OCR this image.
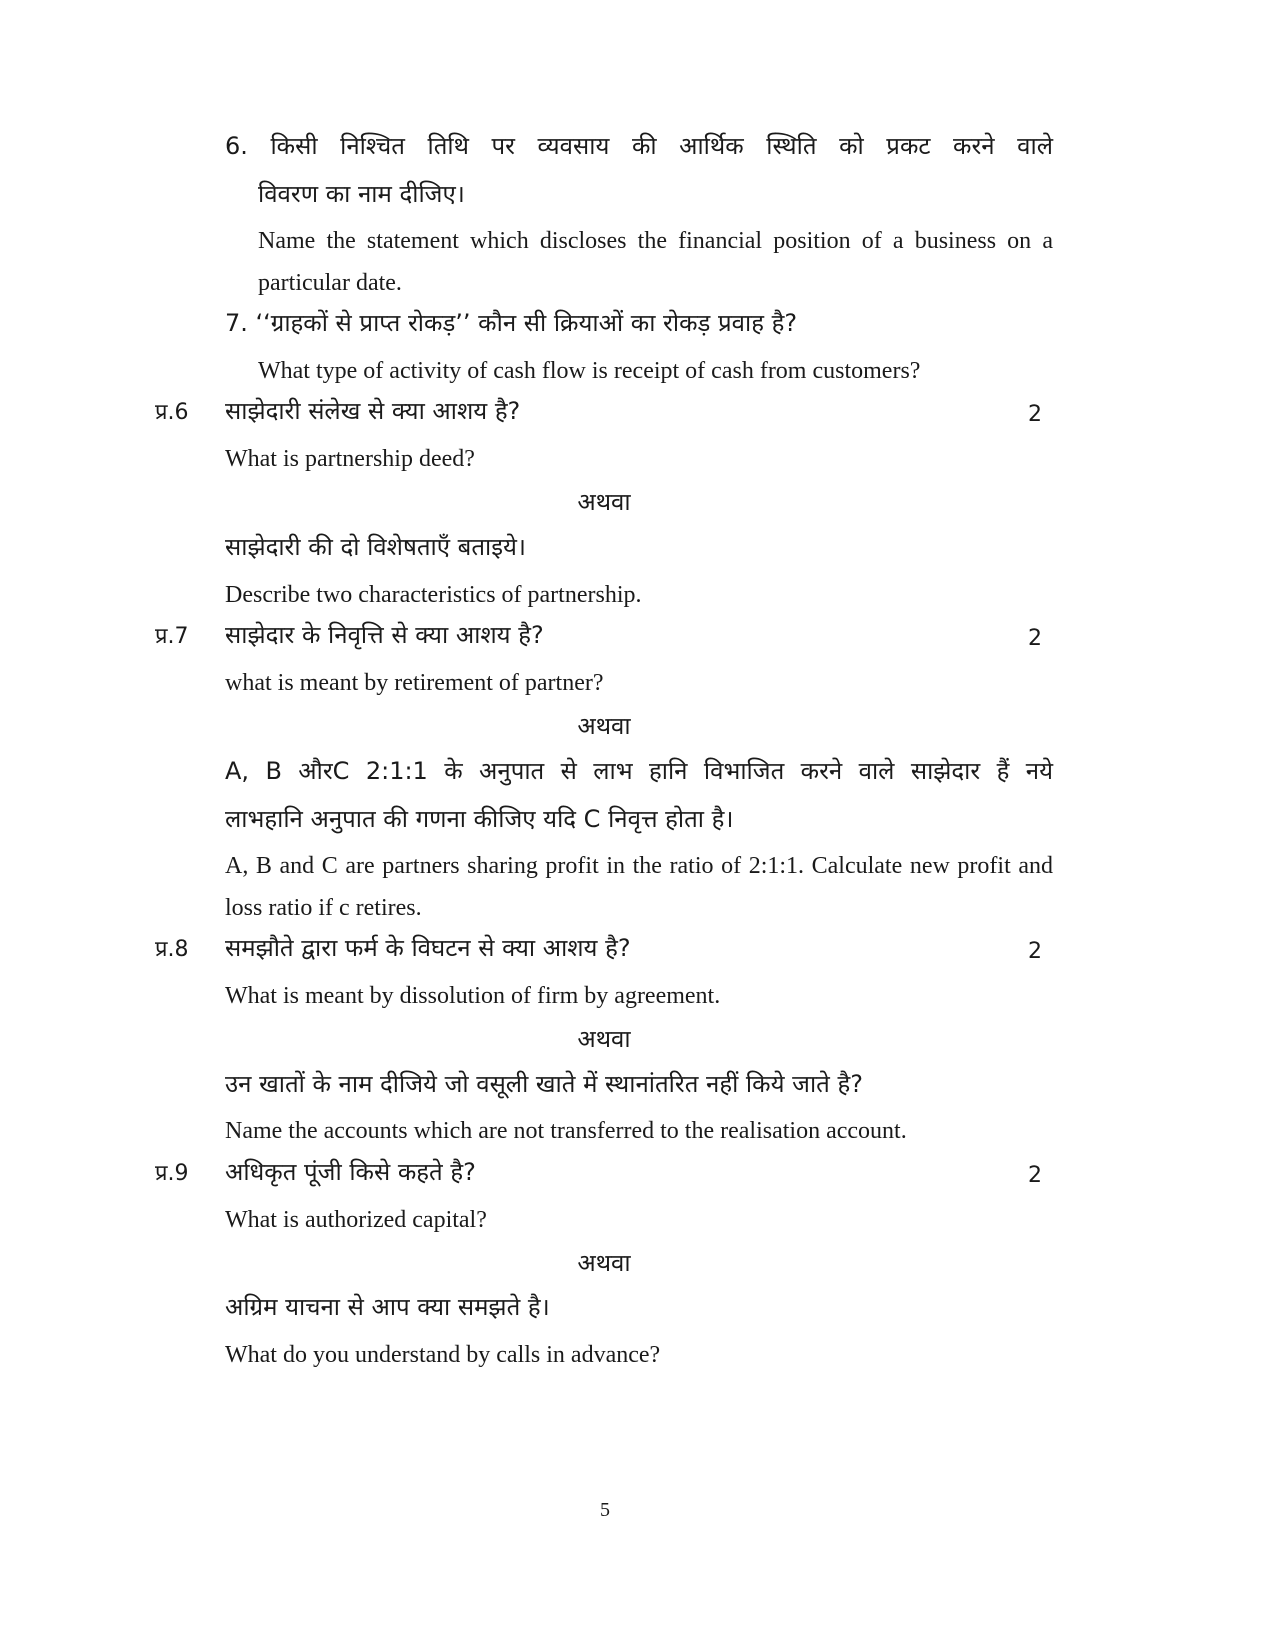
6. किसी निश्चित तिथि पर व्यवसाय की आर्थिक स्थिति को प्रकट करने वाले
विवरण का नाम दीजिए।
Name the statement which discloses the financial position of a business on a
particular date.
7. ‘‘ग्राहकों से प्राप्त रोकड़’’ कौन सी क्रियाओं का रोकड़ प्रवाह है?
What type of activity of cash flow is receipt of cash from customers?
प्र.6 साझेदारी संलेख से क्या आशय है?	2
What is partnership deed?
अथवा
साझेदारी की दो विशेषताएँ बताइये।
Describe two characteristics of partnership.
प्र.7 साझेदार के निवृत्ति से क्या आशय है?	2
what is meant by retirement of partner?
अथवा
A, B औरC 2:1:1 के अनुपात से लाभ हानि विभाजित करने वाले साझेदार हैं नये
लाभहानि अनुपात की गणना कीजिए यदि C निवृत्त होता है।
A, B and C are partners sharing profit in the ratio of 2:1:1. Calculate new profit and
loss ratio if c retires.
प्र.8 समझौते द्वारा फर्म के विघटन से क्या आशय है?	2
What is meant by dissolution of firm by agreement.
अथवा
उन खातों के नाम दीजिये जो वसूली खाते में स्थानांतरित नहीं किये जाते है?
Name the accounts which are not transferred to the realisation account.
प्र.9 अधिकृत पूंजी किसे कहते है?	2
What is authorized capital?
अथवा
अग्रिम याचना से आप क्या समझते है।
What do you understand by calls in advance?
5
